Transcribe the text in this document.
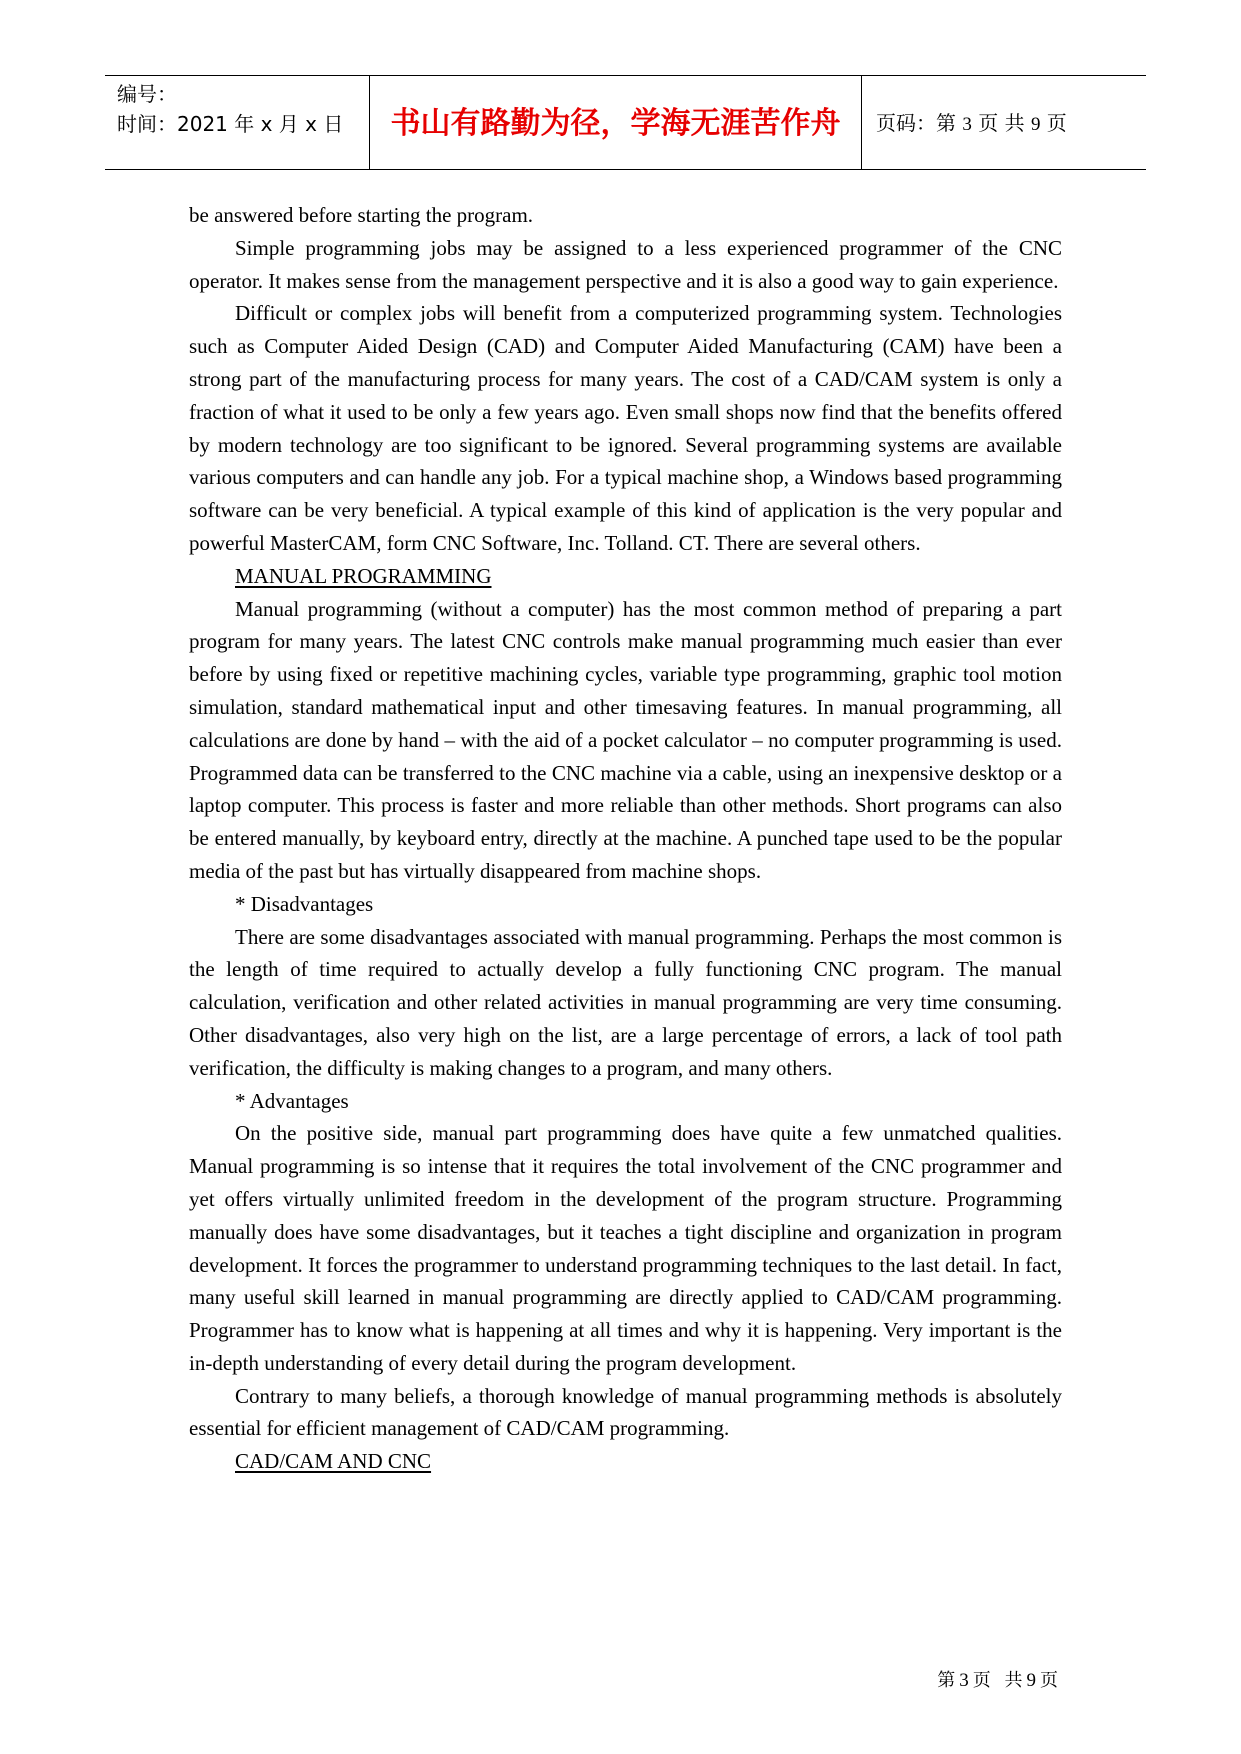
编号：
时间：2021 年 x 月 x 日	书山有路勤为径，学海无涯苦作舟	页码：第 3 页 共 9 页

be answered before starting the program.

Simple programming jobs may be assigned to a less experienced programmer of the CNC operator. It makes sense from the management perspective and it is also a good way to gain experience.

Difficult or complex jobs will benefit from a computerized programming system. Technologies such as Computer Aided Design (CAD) and Computer Aided Manufacturing (CAM) have been a strong part of the manufacturing process for many years. The cost of a CAD/CAM system is only a fraction of what it used to be only a few years ago. Even small shops now find that the benefits offered by modern technology are too significant to be ignored. Several programming systems are available various computers and can handle any job. For a typical machine shop, a Windows based programming software can be very beneficial. A typical example of this kind of application is the very popular and powerful MasterCAM, form CNC Software, Inc. Tolland. CT. There are several others.

MANUAL PROGRAMMING

Manual programming (without a computer) has the most common method of preparing a part program for many years. The latest CNC controls make manual programming much easier than ever before by using fixed or repetitive machining cycles, variable type programming, graphic tool motion simulation, standard mathematical input and other timesaving features. In manual programming, all calculations are done by hand – with the aid of a pocket calculator – no computer programming is used. Programmed data can be transferred to the CNC machine via a cable, using an inexpensive desktop or a laptop computer. This process is faster and more reliable than other methods. Short programs can also be entered manually, by keyboard entry, directly at the machine. A punched tape used to be the popular media of the past but has virtually disappeared from machine shops.

* Disadvantages

There are some disadvantages associated with manual programming. Perhaps the most common is the length of time required to actually develop a fully functioning CNC program. The manual calculation, verification and other related activities in manual programming are very time consuming. Other disadvantages, also very high on the list, are a large percentage of errors, a lack of tool path verification, the difficulty is making changes to a program, and many others.

* Advantages

On the positive side, manual part programming does have quite a few unmatched qualities. Manual programming is so intense that it requires the total involvement of the CNC programmer and yet offers virtually unlimited freedom in the development of the program structure. Programming manually does have some disadvantages, but it teaches a tight discipline and organization in program development. It forces the programmer to understand programming techniques to the last detail. In fact, many useful skill learned in manual programming are directly applied to CAD/CAM programming. Programmer has to know what is happening at all times and why it is happening. Very important is the in-depth understanding of every detail during the program development.

Contrary to many beliefs, a thorough knowledge of manual programming methods is absolutely essential for efficient management of CAD/CAM programming.

CAD/CAM AND CNC

第3页 共9页
